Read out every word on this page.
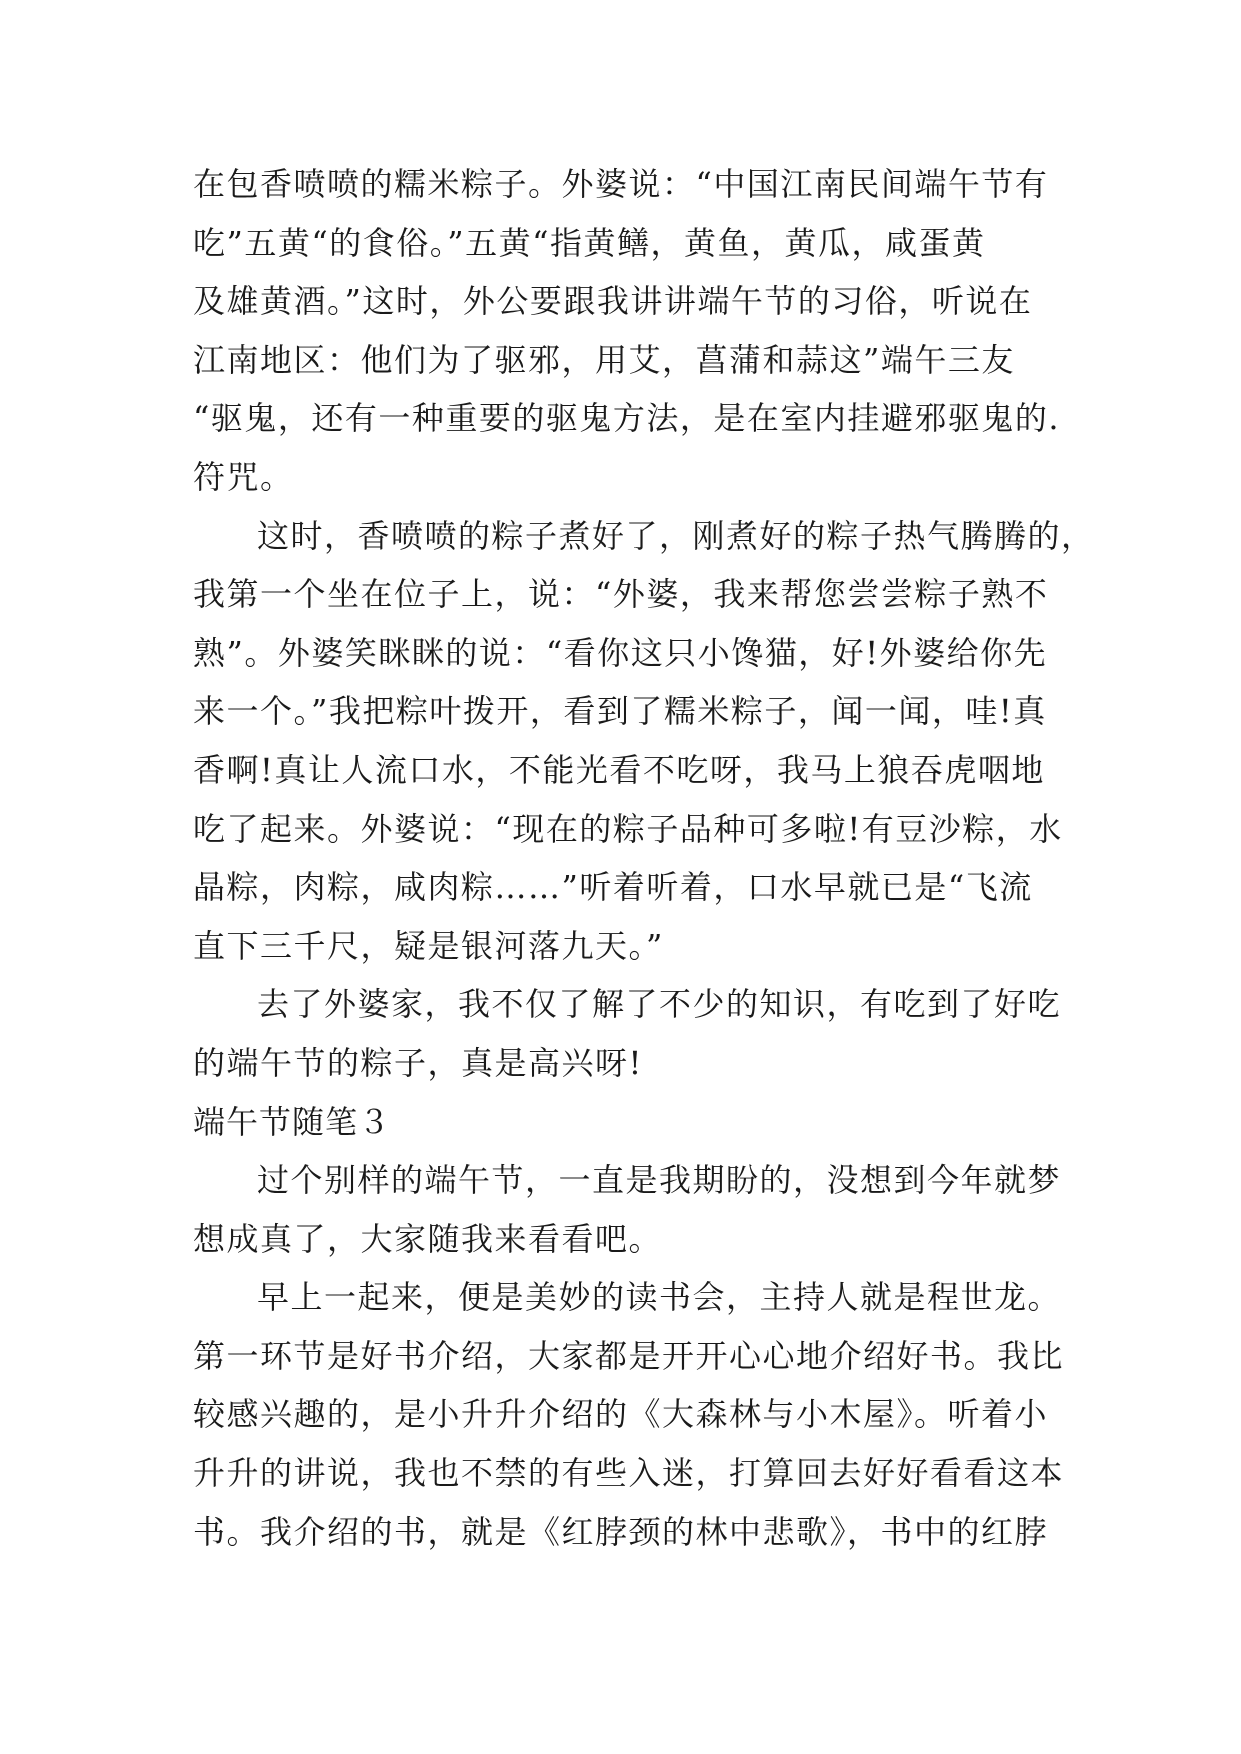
在包香喷喷的糯米粽子。外婆说：“中国江南民间端午节有
吃”五黄“的食俗。”五黄“指黄鳝，黄鱼，黄瓜，咸蛋黄
及雄黄酒。”这时，外公要跟我讲讲端午节的习俗，听说在
江南地区：他们为了驱邪，用艾，菖蒲和蒜这”端午三友
“驱鬼，还有一种重要的驱鬼方法，是在室内挂避邪驱鬼的.
符咒。
这时，香喷喷的粽子煮好了，刚煮好的粽子热气腾腾的，
我第一个坐在位子上，说：“外婆，我来帮您尝尝粽子熟不
熟”。外婆笑眯眯的说：“看你这只小馋猫，好!外婆给你先
来一个。”我把粽叶拨开，看到了糯米粽子，闻一闻，哇!真
香啊!真让人流口水，不能光看不吃呀，我马上狼吞虎咽地
吃了起来。外婆说：“现在的粽子品种可多啦!有豆沙粽，水
晶粽，肉粽，咸肉粽……”听着听着，口水早就已是“飞流
直下三千尺，疑是银河落九天。”
去了外婆家，我不仅了解了不少的知识，有吃到了好吃
的端午节的粽子，真是高兴呀!
端午节随笔３
过个别样的端午节，一直是我期盼的，没想到今年就梦
想成真了，大家随我来看看吧。
早上一起来，便是美妙的读书会，主持人就是程世龙。
第一环节是好书介绍，大家都是开开心心地介绍好书。我比
较感兴趣的，是小升升介绍的《大森林与小木屋》。听着小
升升的讲说，我也不禁的有些入迷，打算回去好好看看这本
书。我介绍的书，就是《红脖颈的林中悲歌》，书中的红脖
